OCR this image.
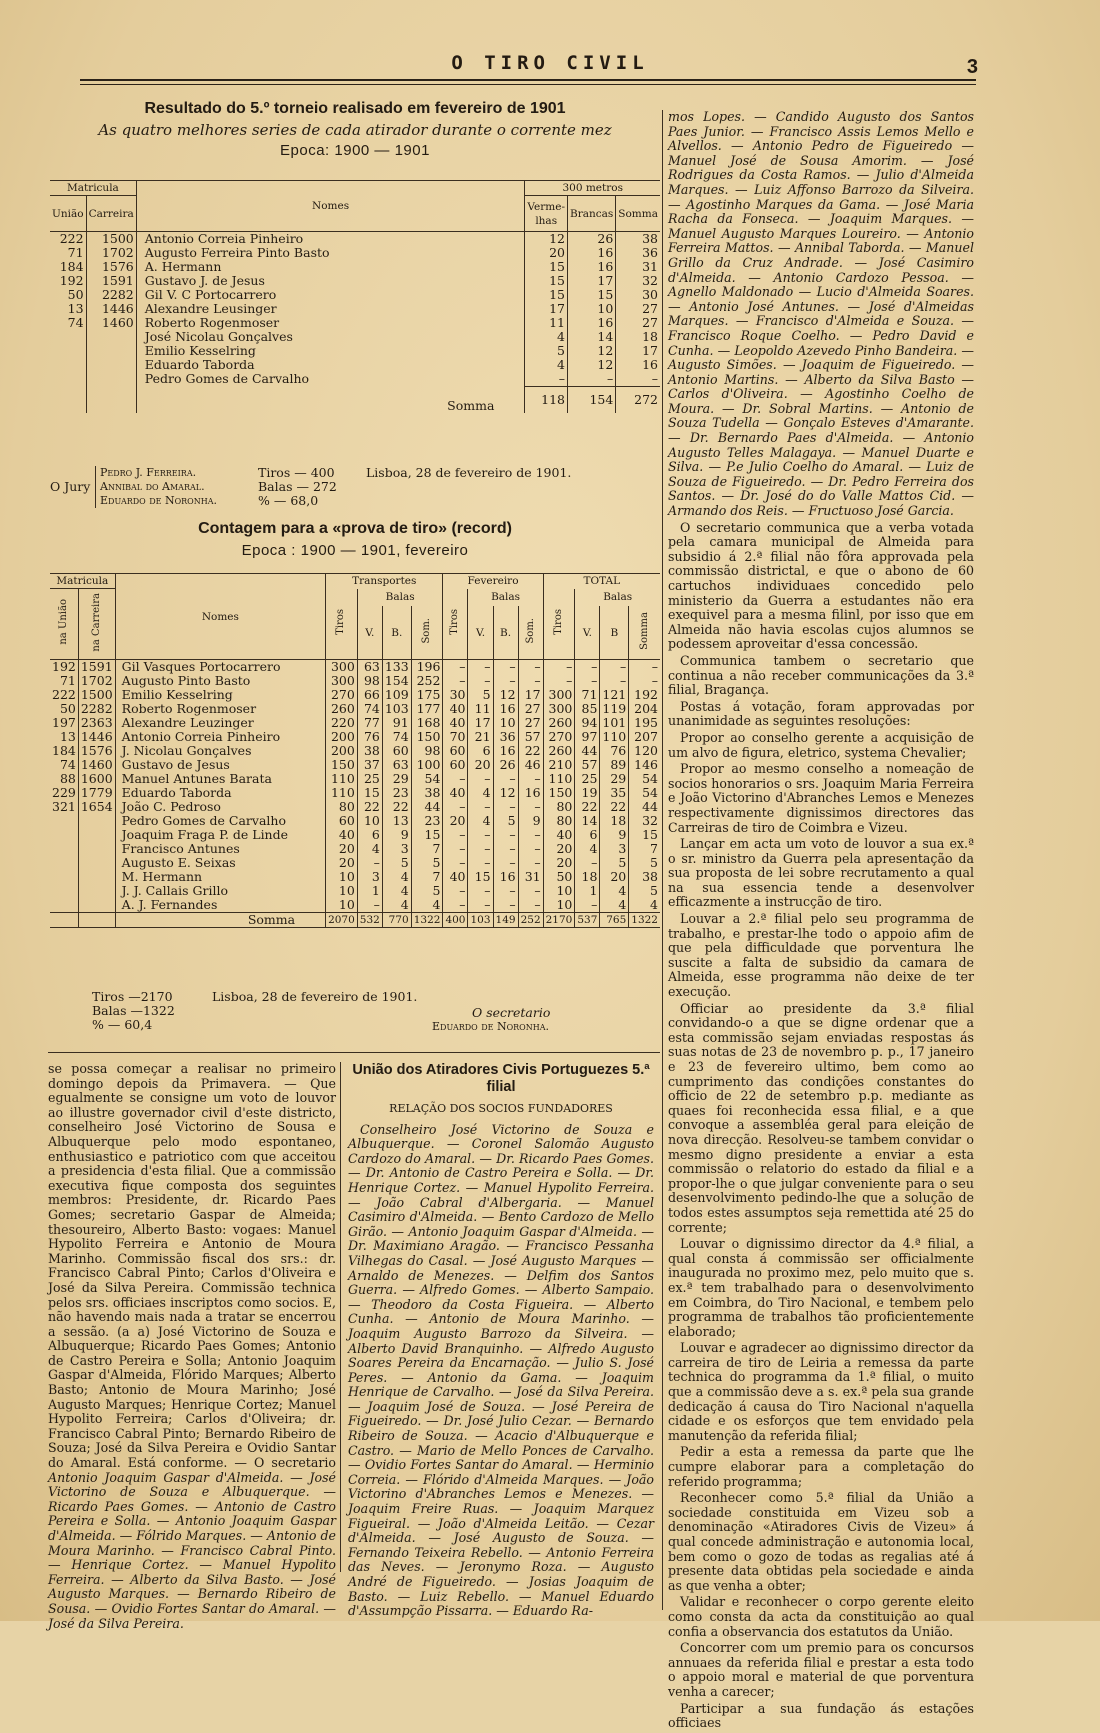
O TIRO CIVIL	3
Resultado do 5.º torneio realisado em fevereiro de 1901
As quatro melhores series de cada atirador durante o corrente mez
Epoca: 1900 — 1901
Matricula		Nomes	300 metros		
União	Carreira		Verme-lhas	Brancas	Somma
222	1500	Antonio Correia Pinheiro	12	26	38
71	1702	Augusto Ferreira Pinto Basto	20	16	36
184	1576	A. Hermann	15	16	31
192	1591	Gustavo J. de Jesus	15	17	32
50	2282	Gil V. C Portocarrero	15	15	30
13	1446	Alexandre Leusinger	17	10	27
74	1460	Roberto Rogenmoser	11	16	27
		José Nicolau Gonçalves	4	14	18
		Emilio Kesselring	5	12	17
		Eduardo Taborda	4	12	16
		Pedro Gomes de Carvalho	–	–	–
		Somma	118	154	272
O Jury
Pedro J. Ferreira.
Annibal do Amaral.
Eduardo de Noronha.
Tiros — 400
Balas — 272
% — 68,0
Lisboa, 28 de fevereiro de 1901.
Contagem para a «prova de tiro» (record)
Epoca : 1900 — 1901, fevereiro
Matricula		Nomes	Transportes				Fevereiro				TOTAL			
na União	na Carreira		Tiros	Balas			Tiros	Balas			Tiros	Balas		
				V.	B.	Som.		V.	B.	Som.		V.	B	Somma
192	1591	Gil Vasques Portocarrero	300	63	133	196	–	–	–	–	–	–	–	–
71	1702	Augusto Pinto Basto	300	98	154	252	–	–	–	–	–	–	–	–
222	1500	Emilio Kesselring	270	66	109	175	30	5	12	17	300	71	121	192
50	2282	Roberto Rogenmoser	260	74	103	177	40	11	16	27	300	85	119	204
197	2363	Alexandre Leuzinger	220	77	91	168	40	17	10	27	260	94	101	195
13	1446	Antonio Correia Pinheiro	200	76	74	150	70	21	36	57	270	97	110	207
184	1576	J. Nicolau Gonçalves	200	38	60	98	60	6	16	22	260	44	76	120
74	1460	Gustavo de Jesus	150	37	63	100	60	20	26	46	210	57	89	146
88	1600	Manuel Antunes Barata	110	25	29	54	–	–	–	–	110	25	29	54
229	1779	Eduardo Taborda	110	15	23	38	40	4	12	16	150	19	35	54
321	1654	João C. Pedroso	80	22	22	44	–	–	–	–	80	22	22	44
		Pedro Gomes de Carvalho	60	10	13	23	20	4	5	9	80	14	18	32
		Joaquim Fraga P. de Linde	40	6	9	15	–	–	–	–	40	6	9	15
		Francisco Antunes	20	4	3	7	–	–	–	–	20	4	3	7
		Augusto E. Seixas	20	–	5	5	–	–	–	–	20	–	5	5
		M. Hermann	10	3	4	7	40	15	16	31	50	18	20	38
		J. J. Callais Grillo	10	1	4	5	–	–	–	–	10	1	4	5
		A. J. Fernandes	10	–	4	4	–	–	–	–	10	–	4	4
		Somma	2070	532	770	1322	400	103	149	252	2170	537	765	1322
Tiros —2170
Balas —1322
% — 60,4
Lisboa, 28 de fevereiro de 1901.
O secretario
Eduardo de Noronha.
se possa começar a realisar no primeiro domingo depois da Primavera. — Que egualmente se consigne um voto de louvor ao illustre governador civil d'este districto, conselheiro José Victorino de Sousa e Albuquerque pelo modo espontaneo, enthusiastico e patriotico com que acceitou a presidencia d'esta filial. Que a commissão executiva fique composta dos seguintes membros: Presidente, dr. Ricardo Paes Gomes; secretario Gaspar de Almeida; thesoureiro, Alberto Basto: vogaes: Manuel Hypolito Ferreira e Antonio de Moura Marinho. Commissão fiscal dos srs.: dr. Francisco Cabral Pinto; Carlos d'Oliveira e José da Silva Pereira. Commissão technica pelos srs. officiaes inscriptos como socios. E, não havendo mais nada a tratar se encerrou a sessão. (a a) José Victorino de Souza e Albuquerque; Ricardo Paes Gomes; Antonio de Castro Pereira e Solla; Antonio Joaquim Gaspar d'Almeida, Flórido Marques; Alberto Basto; Antonio de Moura Marinho; José Augusto Marques; Henrique Cortez; Manuel Hypolito Ferreira; Carlos d'Oliveira; dr. Francisco Cabral Pinto; Bernardo Ribeiro de Souza; José da Silva Pereira e Ovidio Santar do Amaral. Está conforme. — O secretario Antonio Joaquim Gaspar d'Almeida. — José Victorino de Souza e Albuquerque. — Ricardo Paes Gomes. — Antonio de Castro Pereira e Solla. — Antonio Joaquim Gaspar d'Almeida. — Fólrido Marques. — Antonio de Moura Marinho. — Francisco Cabral Pinto. — Henrique Cortez. — Manuel Hypolito Ferreira. — Alberto da Silva Basto. — José Augusto Marques. — Bernardo Ribeiro de Sousa. — Ovidio Fortes Santar do Amaral. — José da Silva Pereira.
União dos Atiradores Civis Portuguezes 5.ª filial
RELAÇÃO DOS SOCIOS FUNDADORES
Conselheiro José Victorino de Souza e Albuquerque. — Coronel Salomão Augusto Cardozo do Amaral. — Dr. Ricardo Paes Gomes. — Dr. Antonio de Castro Pereira e Solla. — Dr. Henrique Cortez. — Manuel Hypolito Ferreira. — João Cabral d'Albergaria. — Manuel Casimiro d'Almeida. — Bento Cardozo de Mello Girão. — Antonio Joaquim Gaspar d'Almeida. — Dr. Maximiano Aragão. — Francisco Pessanha Vilhegas do Casal. — José Augusto Marques — Arnaldo de Menezes. — Delfim dos Santos Guerra. — Alfredo Gomes. — Alberto Sampaio. — Theodoro da Costa Figueira. — Alberto Cunha. — Antonio de Moura Marinho. — Joaquim Augusto Barrozo da Silveira. — Alberto David Branquinho. — Alfredo Augusto Soares Pereira da Encarnação. — Julio S. José Peres. — Antonio da Gama. — Joaquim Henrique de Carvalho. — José da Silva Pereira. — Joaquim José de Souza. — José Pereira de Figueiredo. — Dr. José Julio Cezar. — Bernardo Ribeiro de Souza. — Acacio d'Albuquerque e Castro. — Mario de Mello Ponces de Carvalho. — Ovidio Fortes Santar do Amaral. — Herminio Correia. — Flórido d'Almeida Marques. — João Victorino d'Abranches Lemos e Menezes. — Joaquim Freire Ruas. — Joaquim Marquez Figueiral. — João d'Almeida Leitão. — Cezar d'Almeida. — José Augusto de Souza. — Fernando Teixeira Rebello. — Antonio Ferreira das Neves. — Jeronymo Roza. — Augusto André de Figueiredo. — Josias Joaquim de Basto. — Luiz Rebello. — Manuel Eduardo d'Assumpção Pissarra. — Eduardo Ra-
mos Lopes. — Candido Augusto dos Santos Paes Junior. — Francisco Assis Lemos Mello e Alvellos. — Antonio Pedro de Figueiredo — Manuel José de Sousa Amorim. — José Rodrigues da Costa Ramos. — Julio d'Almeida Marques. — Luiz Affonso Barrozo da Silveira. — Agostinho Marques da Gama. — José Maria Racha da Fonseca. — Joaquim Marques. — Manuel Augusto Marques Loureiro. — Antonio Ferreira Mattos. — Annibal Taborda. — Manuel Grillo da Cruz Andrade. — José Casimiro d'Almeida. — Antonio Cardozo Pessoa. — Agnello Maldonado — Lucio d'Almeida Soares. — Antonio José Antunes. — José d'Almeidas Marques. — Francisco d'Almeida e Souza. — Francisco Roque Coelho. — Pedro David e Cunha. — Leopoldo Azevedo Pinho Bandeira. — Augusto Simões. — Joaquim de Figueiredo. — Antonio Martins. — Alberto da Silva Basto — Carlos d'Oliveira. — Agostinho Coelho de Moura. — Dr. Sobral Martins. — Antonio de Souza Tudella — Gonçalo Esteves d'Amarante. — Dr. Bernardo Paes d'Almeida. — Antonio Augusto Telles Malagaya. — Manuel Duarte e Silva. — P.e Julio Coelho do Amaral. — Luiz de Souza de Figueiredo. — Dr. Pedro Ferreira dos Santos. — Dr. José do do Valle Mattos Cid. — Armando dos Reis. — Fructuoso José Garcia.

O secretario communica que a verba votada pela camara municipal de Almeida para subsidio á 2.ª filial não fôra approvada pela commissão districtal, e que o abono de 60 cartuchos individuaes concedido pelo ministerio da Guerra a estudantes não era exequivel para a mesma filinl, por isso que em Almeida não havia escolas cujos alumnos se podessem aproveitar d'essa concessão.

Communica tambem o secretario que continua a não receber communicações da 3.ª filial, Bragança.

Postas á votação, foram approvadas por unanimidade as seguintes resoluções:

Propor ao conselho gerente a acquisição de um alvo de figura, eletrico, systema Chevalier;

Propor ao mesmo conselho a nomeação de socios honorarios o srs. Joaquim Maria Ferreira e João Victorino d'Abranches Lemos e Menezes respectivamente dignissimos directores das Carreiras de tiro de Coimbra e Vizeu.

Lançar em acta um voto de louvor a sua ex.ª o sr. ministro da Guerra pela apresentação da sua proposta de lei sobre recrutamento a qual na sua essencia tende a desenvolver efficazmente a instrucção de tiro.

Louvar a 2.ª filial pelo seu programma de trabalho, e prestar-lhe todo o appoio afim de que pela difficuldade que porventura lhe suscite a falta de subsidio da camara de Almeida, esse programma não deixe de ter execução.

Officiar ao presidente da 3.ª filial convidando-o a que se digne ordenar que a esta commissão sejam enviadas respostas ás suas notas de 23 de novembro p. p., 17 janeiro e 23 de fevereiro ultimo, bem como ao cumprimento das condições constantes do officio de 22 de setembro p.p. mediante as quaes foi reconhecida essa filial, e a que convoque a assembléa geral para eleição de nova direcção. Resolveu-se tambem convidar o mesmo digno presidente a enviar a esta commissão o relatorio do estado da filial e a propor-lhe o que julgar conveniente para o seu desenvolvimento pedindo-lhe que a solução de todos estes assumptos seja remettida até 25 do corrente;

Louvar o dignissimo director da 4.ª filial, a qual consta á commissão ser officialmente inaugurada no proximo mez, pelo muito que s. ex.ª tem trabalhado para o desenvolvimento em Coimbra, do Tiro Nacional, e tembem pelo programma de trabalhos tão proficientemente elaborado;

Louvar e agradecer ao dignissimo director da carreira de tiro de Leiria a remessa da parte technica do programma da 1.ª filial, o muito que a commissão deve a s. ex.ª pela sua grande dedicação á causa do Tiro Nacional n'aquella cidade e os esforços que tem envidado pela manutenção da referida filial;

Pedir a esta a remessa da parte que lhe cumpre elaborar para a completação do referido programma;

Reconhecer como 5.ª filial da União a sociedade constituida em Vizeu sob a denominação «Atiradores Civis de Vizeu» á qual concede administração e autonomia local, bem como o gozo de todas as regalias até á presente data obtidas pela sociedade e ainda as que venha a obter;

Validar e reconhecer o corpo gerente eleito como consta da acta da constituição ao qual confia a observancia dos estatutos da União.

Concorrer com um premio para os concursos annuaes da referida filial e prestar a esta todo o appoio moral e material de que porventura venha a carecer;

Participar a sua fundação ás estações officiaes
